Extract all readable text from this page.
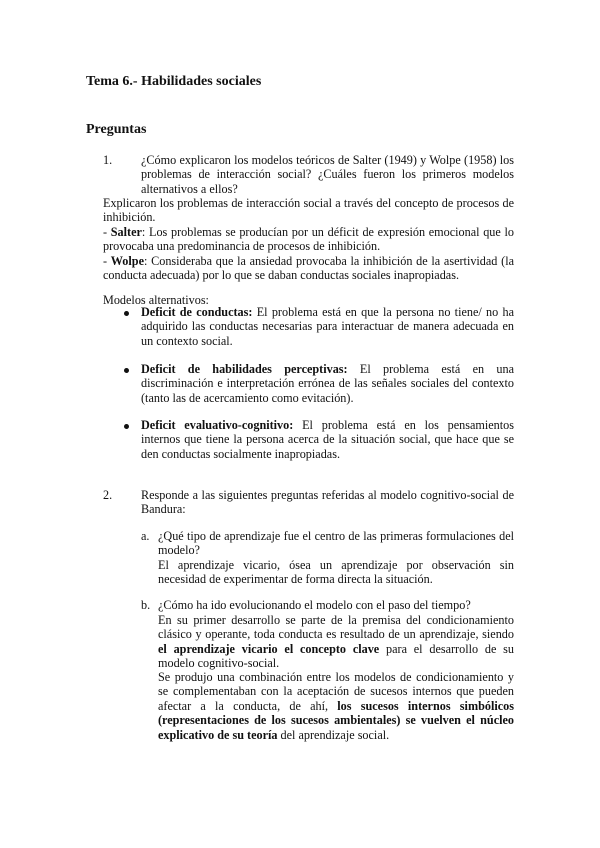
Tema 6.- Habilidades sociales
Preguntas
1. ¿Cómo explicaron los modelos teóricos de Salter (1949) y Wolpe (1958) los problemas de interacción social? ¿Cuáles fueron los primeros modelos alternativos a ellos?
Explicaron los problemas de interacción social a través del concepto de procesos de inhibición.
- Salter: Los problemas se producían por un déficit de expresión emocional que lo provocaba una predominancia de procesos de inhibición.
- Wolpe: Consideraba que la ansiedad provocaba la inhibición de la asertividad (la conducta adecuada) por lo que se daban conductas sociales inapropiadas.
Modelos alternativos:
Deficit de conductas: El problema está en que la persona no tiene/ no ha adquirido las conductas necesarias para interactuar de manera adecuada en un contexto social.
Deficit de habilidades perceptivas: El problema está en una discriminación e interpretación errónea de las señales sociales del contexto (tanto las de acercamiento como evitación).
Deficit evaluativo-cognitivo: El problema está en los pensamientos internos que tiene la persona acerca de la situación social, que hace que se den conductas socialmente inapropiadas.
2. Responde a las siguientes preguntas referidas al modelo cognitivo-social de Bandura:
a. ¿Qué tipo de aprendizaje fue el centro de las primeras formulaciones del modelo?
El aprendizaje vicario, ósea un aprendizaje por observación sin necesidad de experimentar de forma directa la situación.
b. ¿Cómo ha ido evolucionando el modelo con el paso del tiempo?
En su primer desarrollo se parte de la premisa del condicionamiento clásico y operante, toda conducta es resultado de un aprendizaje, siendo el aprendizaje vicario el concepto clave para el desarrollo de su modelo cognitivo-social.
Se produjo una combinación entre los modelos de condicionamiento y se complementaban con la aceptación de sucesos internos que pueden afectar a la conducta, de ahí, los sucesos internos simbólicos (representaciones de los sucesos ambientales) se vuelven el núcleo explicativo de su teoría del aprendizaje social.
